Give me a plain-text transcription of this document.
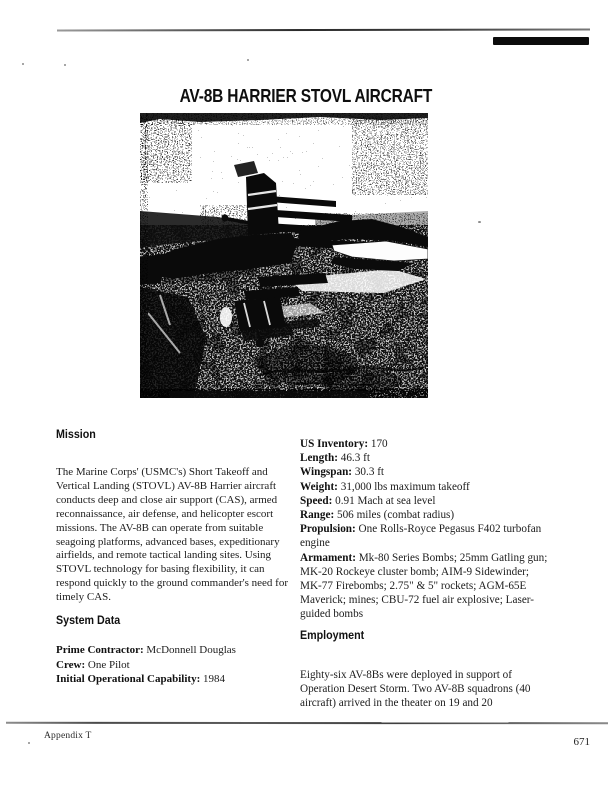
AV-8B HARRIER STOVL AIRCRAFT
Mission

The Marine Corps' (USMC's) Short Takeoff and Vertical Landing (STOVL) AV-8B Harrier aircraft conducts deep and close air support (CAS), armed reconnaissance, air defense, and helicopter escort missions. The AV-8B can operate from suitable seagoing platforms, advanced bases, expeditionary airfields, and remote tactical landing sites. Using STOVL technology for basing flexibility, it can respond quickly to the ground commander's need for timely CAS.

System Data

Prime Contractor: McDonnell Douglas

Crew: One Pilot

Initial Operational Capability: 1984

US Inventory: 170

Length: 46.3 ft

Wingspan: 30.3 ft

Weight: 31,000 lbs maximum takeoff

Speed: 0.91 Mach at sea level

Range: 506 miles (combat radius)

Propulsion: One Rolls-Royce Pegasus F402 turbofan engine

Armament: Mk-80 Series Bombs; 25mm Gatling gun; MK-20 Rockeye cluster bomb; AIM-9 Sidewinder; MK-77 Firebombs; 2.75" & 5" rockets; AGM-65E Maverick; mines; CBU-72 fuel air explosive; Laser-guided bombs

Employment

Eighty-six AV-8Bs were deployed in support of Operation Desert Storm. Two AV-8B squadrons (40 aircraft) arrived in the theater on 19 and 20

Appendix T	671
